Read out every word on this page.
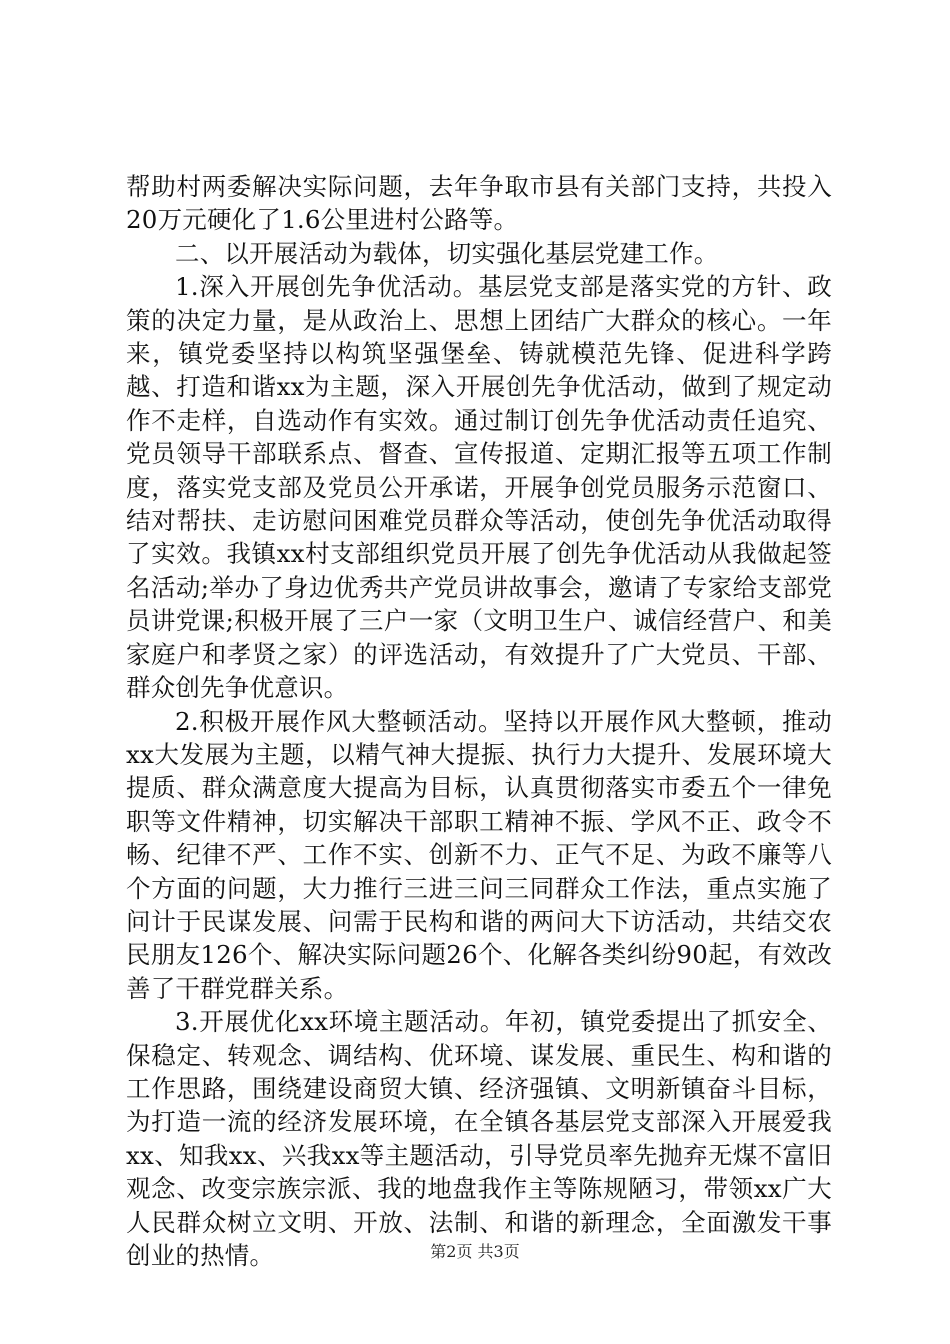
帮助村两委解决实际问题，去年争取市县有关部门支持，共投入20万元硬化了1.6公里进村公路等。

二、以开展活动为载体，切实强化基层党建工作。

1.深入开展创先争优活动。基层党支部是落实党的方针、政策的决定力量，是从政治上、思想上团结广大群众的核心。一年来，镇党委坚持以构筑坚强堡垒、铸就模范先锋、促进科学跨越、打造和谐xx为主题，深入开展创先争优活动，做到了规定动作不走样，自选动作有实效。通过制订创先争优活动责任追究、党员领导干部联系点、督查、宣传报道、定期汇报等五项工作制度，落实党支部及党员公开承诺，开展争创党员服务示范窗口、结对帮扶、走访慰问困难党员群众等活动，使创先争优活动取得了实效。我镇xx村支部组织党员开展了创先争优活动从我做起签名活动;举办了身边优秀共产党员讲故事会，邀请了专家给支部党员讲党课;积极开展了三户一家（文明卫生户、诚信经营户、和美家庭户和孝贤之家）的评选活动，有效提升了广大党员、干部、群众创先争优意识。

2.积极开展作风大整顿活动。坚持以开展作风大整顿，推动xx大发展为主题，以精气神大提振、执行力大提升、发展环境大提质、群众满意度大提高为目标，认真贯彻落实市委五个一律免职等文件精神，切实解决干部职工精神不振、学风不正、政令不畅、纪律不严、工作不实、创新不力、正气不足、为政不廉等八个方面的问题，大力推行三进三问三同群众工作法，重点实施了问计于民谋发展、问需于民构和谐的两问大下访活动，共结交农民朋友126个、解决实际问题26个、化解各类纠纷90起，有效改善了干群党群关系。

3.开展优化xx环境主题活动。年初，镇党委提出了抓安全、保稳定、转观念、调结构、优环境、谋发展、重民生、构和谐的工作思路，围绕建设商贸大镇、经济强镇、文明新镇奋斗目标，为打造一流的经济发展环境，在全镇各基层党支部深入开展爱我xx、知我xx、兴我xx等主题活动，引导党员率先抛弃无煤不富旧观念、改变宗族宗派、我的地盘我作主等陈规陋习，带领xx广大人民群众树立文明、开放、法制、和谐的新理念，全面激发干事创业的热情。	第2页 共3页
